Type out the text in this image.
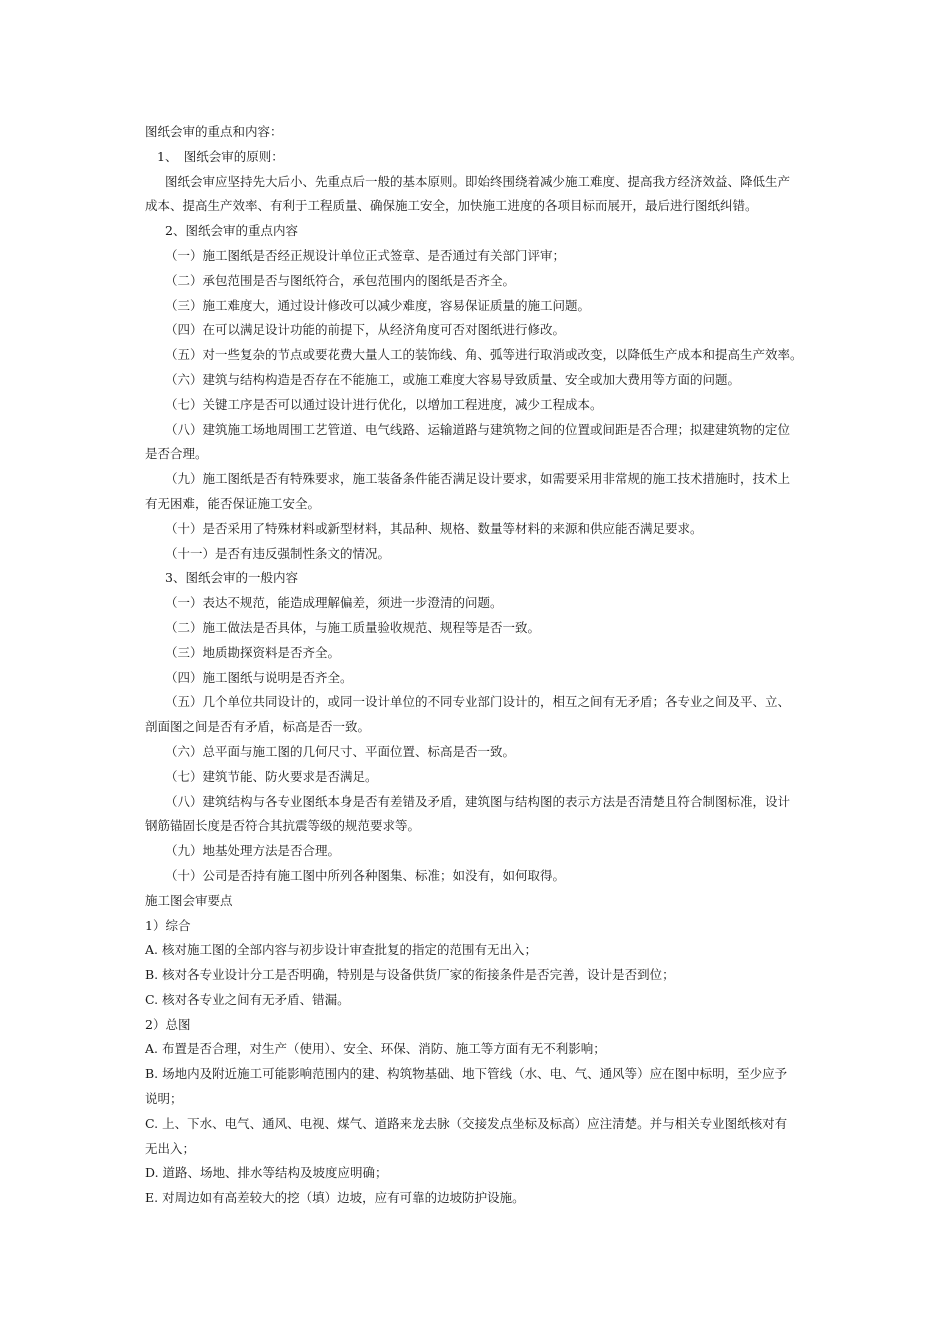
图纸会审的重点和内容：
1、　图纸会审的原则：
图纸会审应坚持先大后小、先重点后一般的基本原则。即始终围绕着减少施工难度、提高我方经济效益、降低生产
成本、提高生产效率、有利于工程质量、确保施工安全，加快施工进度的各项目标而展开，最后进行图纸纠错。
2、图纸会审的重点内容
（一）施工图纸是否经正规设计单位正式签章、是否通过有关部门评审；
（二）承包范围是否与图纸符合，承包范围内的图纸是否齐全。
（三）施工难度大，通过设计修改可以减少难度，容易保证质量的施工问题。
（四）在可以满足设计功能的前提下，从经济角度可否对图纸进行修改。
（五）对一些复杂的节点或要花费大量人工的装饰线、角、弧等进行取消或改变，以降低生产成本和提高生产效率。
（六）建筑与结构构造是否存在不能施工，或施工难度大容易导致质量、安全或加大费用等方面的问题。
（七）关键工序是否可以通过设计进行优化，以增加工程进度，减少工程成本。
（八）建筑施工场地周围工艺管道、电气线路、运输道路与建筑物之间的位置或间距是否合理；拟建建筑物的定位
是否合理。
（九）施工图纸是否有特殊要求，施工装备条件能否满足设计要求，如需要采用非常规的施工技术措施时，技术上
有无困难，能否保证施工安全。
（十）是否采用了特殊材料或新型材料，其品种、规格、数量等材料的来源和供应能否满足要求。
（十一）是否有违反强制性条文的情况。
3、图纸会审的一般内容
（一）表达不规范，能造成理解偏差，须进一步澄清的问题。
（二）施工做法是否具体，与施工质量验收规范、规程等是否一致。
（三）地质勘探资料是否齐全。
（四）施工图纸与说明是否齐全。
（五）几个单位共同设计的，或同一设计单位的不同专业部门设计的，相互之间有无矛盾；各专业之间及平、立、
剖面图之间是否有矛盾，标高是否一致。
（六）总平面与施工图的几何尺寸、平面位置、标高是否一致。
（七）建筑节能、防火要求是否满足。
（八）建筑结构与各专业图纸本身是否有差错及矛盾，建筑图与结构图的表示方法是否清楚且符合制图标准，设计
钢筋锚固长度是否符合其抗震等级的规范要求等。
（九）地基处理方法是否合理。
（十）公司是否持有施工图中所列各种图集、标准；如没有，如何取得。
施工图会审要点
1）综合
A. 核对施工图的全部内容与初步设计审查批复的指定的范围有无出入；
B. 核对各专业设计分工是否明确，特别是与设备供货厂家的衔接条件是否完善，设计是否到位；
C. 核对各专业之间有无矛盾、错漏。
2）总图
A. 布置是否合理，对生产（使用）、安全、环保、消防、施工等方面有无不利影响；
B. 场地内及附近施工可能影响范围内的建、构筑物基础、地下管线（水、电、气、通风等）应在图中标明，至少应予
说明；
C. 上、下水、电气、通风、电视、煤气、道路来龙去脉（交接发点坐标及标高）应注清楚。并与相关专业图纸核对有
无出入；
D. 道路、场地、排水等结构及坡度应明确；
E. 对周边如有高差较大的挖（填）边坡，应有可靠的边坡防护设施。
